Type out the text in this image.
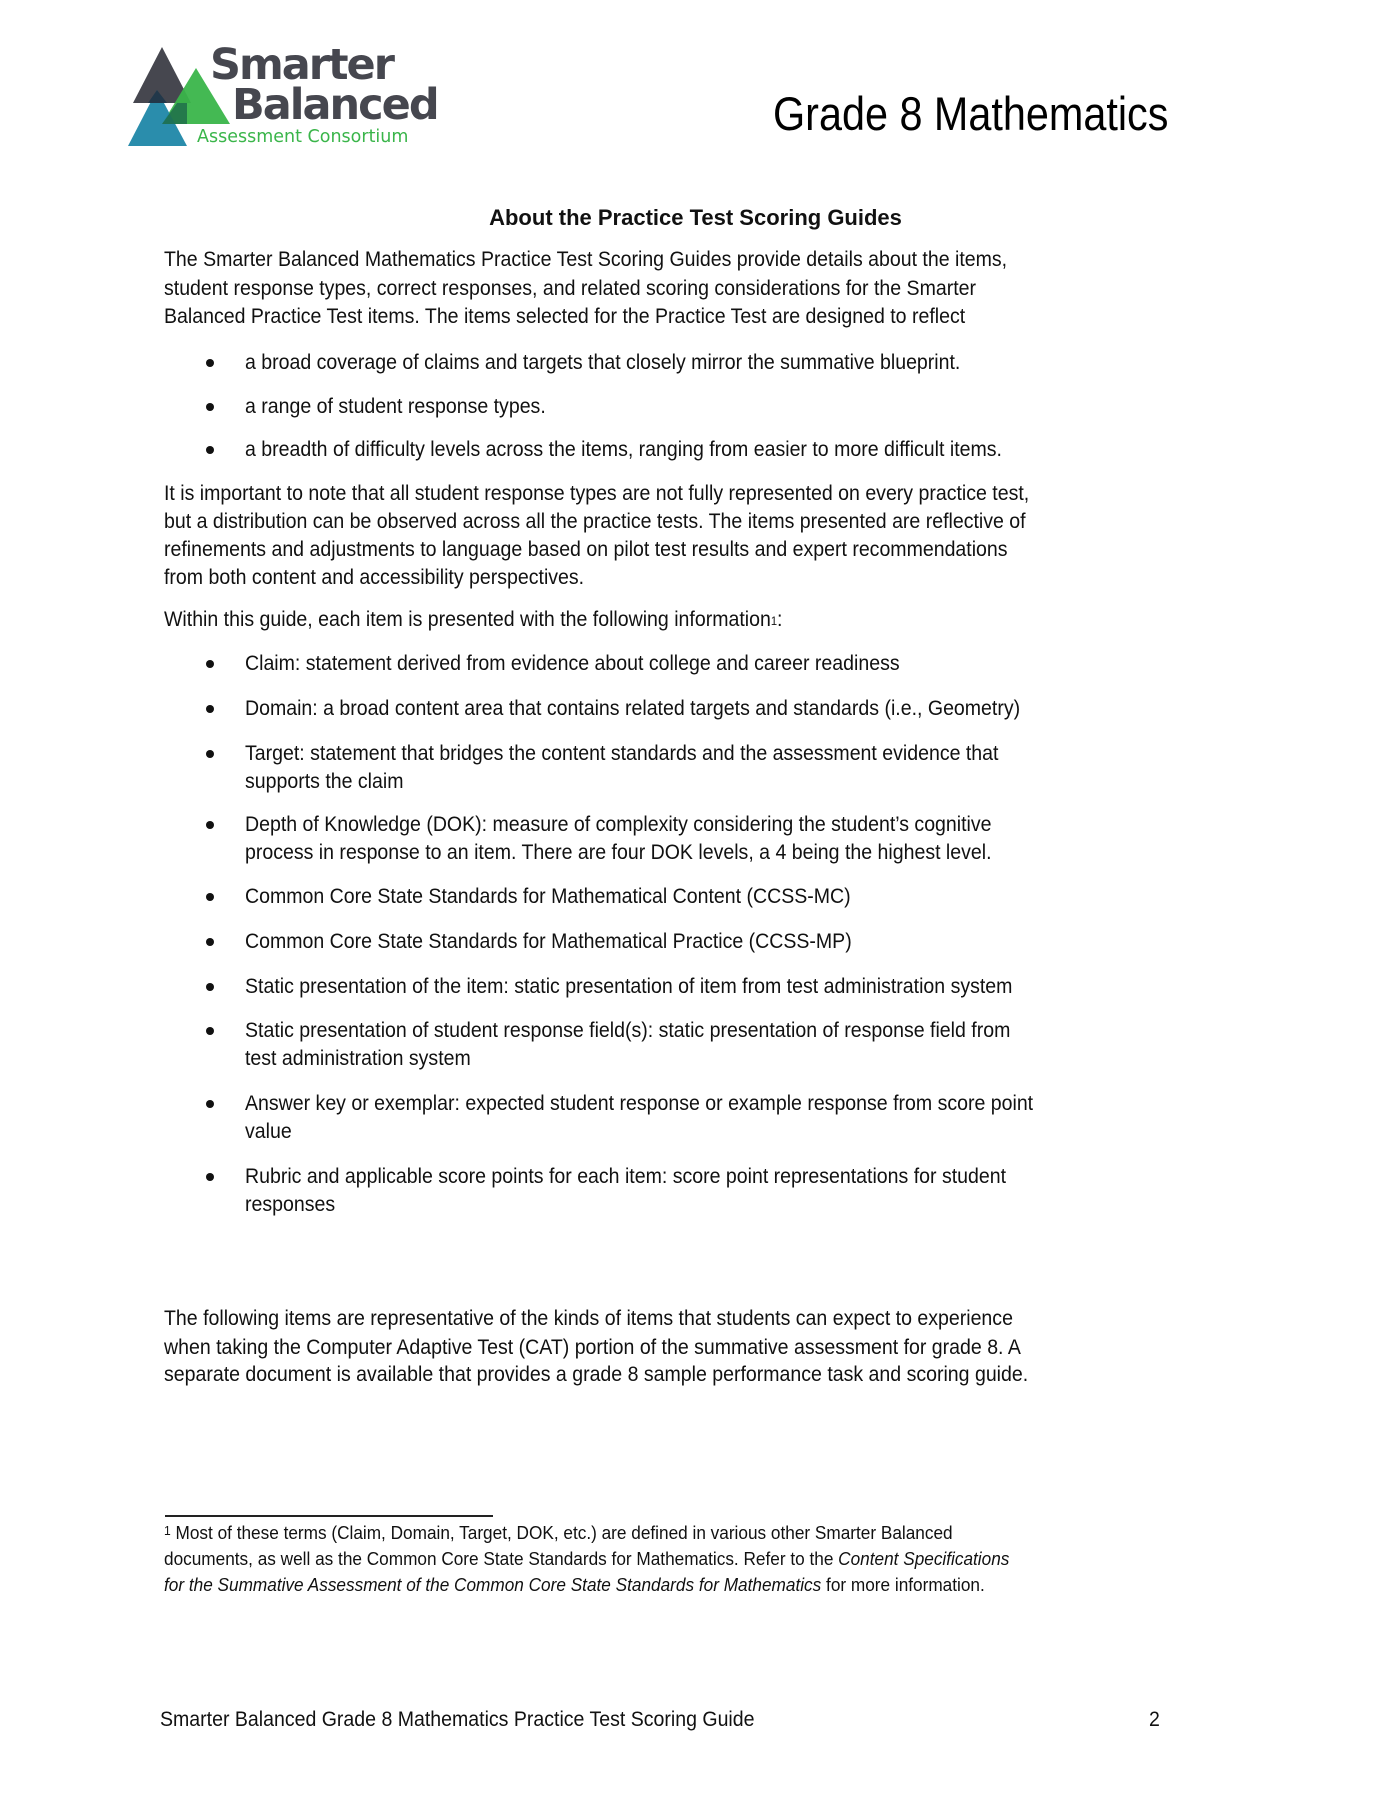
Smarter
Balanced
Assessment Consortium	Grade 8 Mathematics
About the Practice Test Scoring Guides
The Smarter Balanced Mathematics Practice Test Scoring Guides provide details about the items,
student response types, correct responses, and related scoring considerations for the Smarter
Balanced Practice Test items. The items selected for the Practice Test are designed to reflect
a broad coverage of claims and targets that closely mirror the summative blueprint.
a range of student response types.
a breadth of difficulty levels across the items, ranging from easier to more difficult items.
It is important to note that all student response types are not fully represented on every practice test,
but a distribution can be observed across all the practice tests. The items presented are reflective of
refinements and adjustments to language based on pilot test results and expert recommendations
from both content and accessibility perspectives.
Within this guide, each item is presented with the following information$^1$:
Claim: statement derived from evidence about college and career readiness
Domain: a broad content area that contains related targets and standards (i.e., Geometry)
Target: statement that bridges the content standards and the assessment evidence that
supports the claim
Depth of Knowledge (DOK): measure of complexity considering the student’s cognitive
process in response to an item. There are four DOK levels, a 4 being the highest level.
Common Core State Standards for Mathematical Content (CCSS-MC)
Common Core State Standards for Mathematical Practice (CCSS-MP)
Static presentation of the item: static presentation of item from test administration system
Static presentation of student response field(s): static presentation of response field from
test administration system
Answer key or exemplar: expected student response or example response from score point
value
Rubric and applicable score points for each item: score point representations for student
responses
The following items are representative of the kinds of items that students can expect to experience
when taking the Computer Adaptive Test (CAT) portion of the summative assessment for grade 8. A
separate document is available that provides a grade 8 sample performance task and scoring guide.
$^1$ Most of these terms (Claim, Domain, Target, DOK, etc.) are defined in various other Smarter Balanced
documents, as well as the Common Core State Standards for Mathematics. Refer to the Content Specifications
for the Summative Assessment of the Common Core State Standards for Mathematics for more information.
Smarter Balanced Grade 8 Mathematics Practice Test Scoring Guide	2
